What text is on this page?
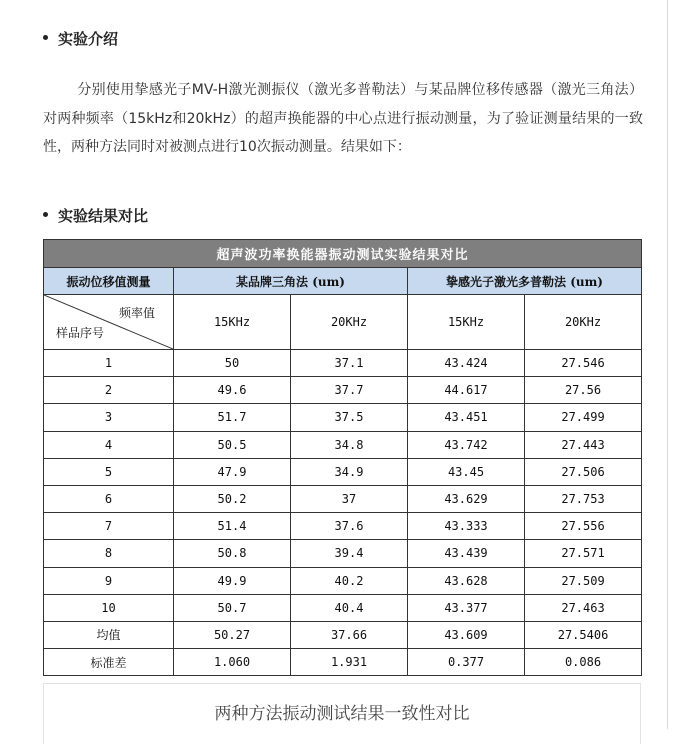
实验介绍
分别使用挚感光子MV-H激光测振仪（激光多普勒法）与某品牌位移传感器（激光三角法）对两种频率（15kHz和20kHz）的超声换能器的中心点进行振动测量，为了验证测量结果的一致性，两种方法同时对被测点进行10次振动测量。结果如下：
实验结果对比
超声波功率换能器振动测试实验结果对比				
振动位移值测量	某品牌三角法 (um)		挚感光子激光多普勒法 (um)	

频率值
样品序号	15KHz	20KHz	15KHz	20KHz
1	50	37.1	43.424	27.546
2	49.6	37.7	44.617	27.56
3	51.7	37.5	43.451	27.499
4	50.5	34.8	43.742	27.443
5	47.9	34.9	43.45	27.506
6	50.2	37	43.629	27.753
7	51.4	37.6	43.333	27.556
8	50.8	39.4	43.439	27.571
9	49.9	40.2	43.628	27.509
10	50.7	40.4	43.377	27.463
均值	50.27	37.66	43.609	27.5406
标准差	1.060	1.931	0.377	0.086
两种方法振动测试结果一致性对比
